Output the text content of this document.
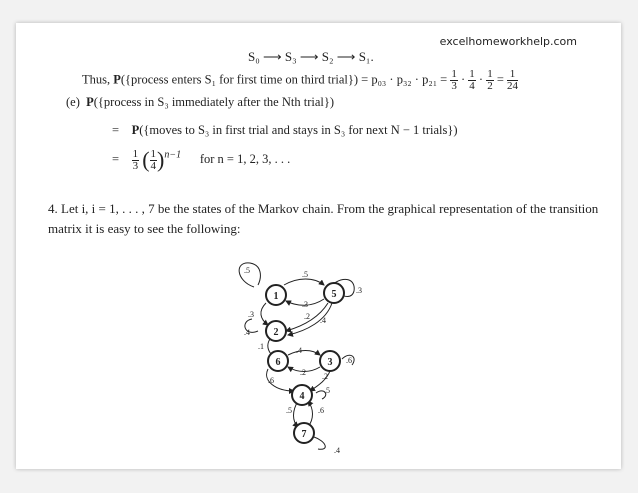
excelhomeworkhelp.com
S₀ ⟶ S₃ ⟶ S₂ ⟶ S₁.
Thus, P({process enters S₁ for first time on third trial}) = $p_{03} \cdot p_{32} \cdot p_{21} = \frac{1}{3} \cdot \frac{1}{4} \cdot \frac{1}{2} = \frac{1}{24}$
(e) P({process in S₃ immediately after the Nth trial})
= P({moves to S₃ in first trial and stays in S₃ for next N − 1 trials})
= $\frac{1}{3}$ ( $\frac{1}{4} )^{n-1}$ for n = 1, 2, 3, . . .
4. Let i, i = 1, . . . , 7 be the states of the Markov chain. From the graphical representation of the transition matrix it is easy to see the following:
1	5
2
6	3
4
7
.5	.5
.3
.3
.3
.2 .4
.4
.1	.4
.6
.2 .2
.6
.5
.5	.6
.4
